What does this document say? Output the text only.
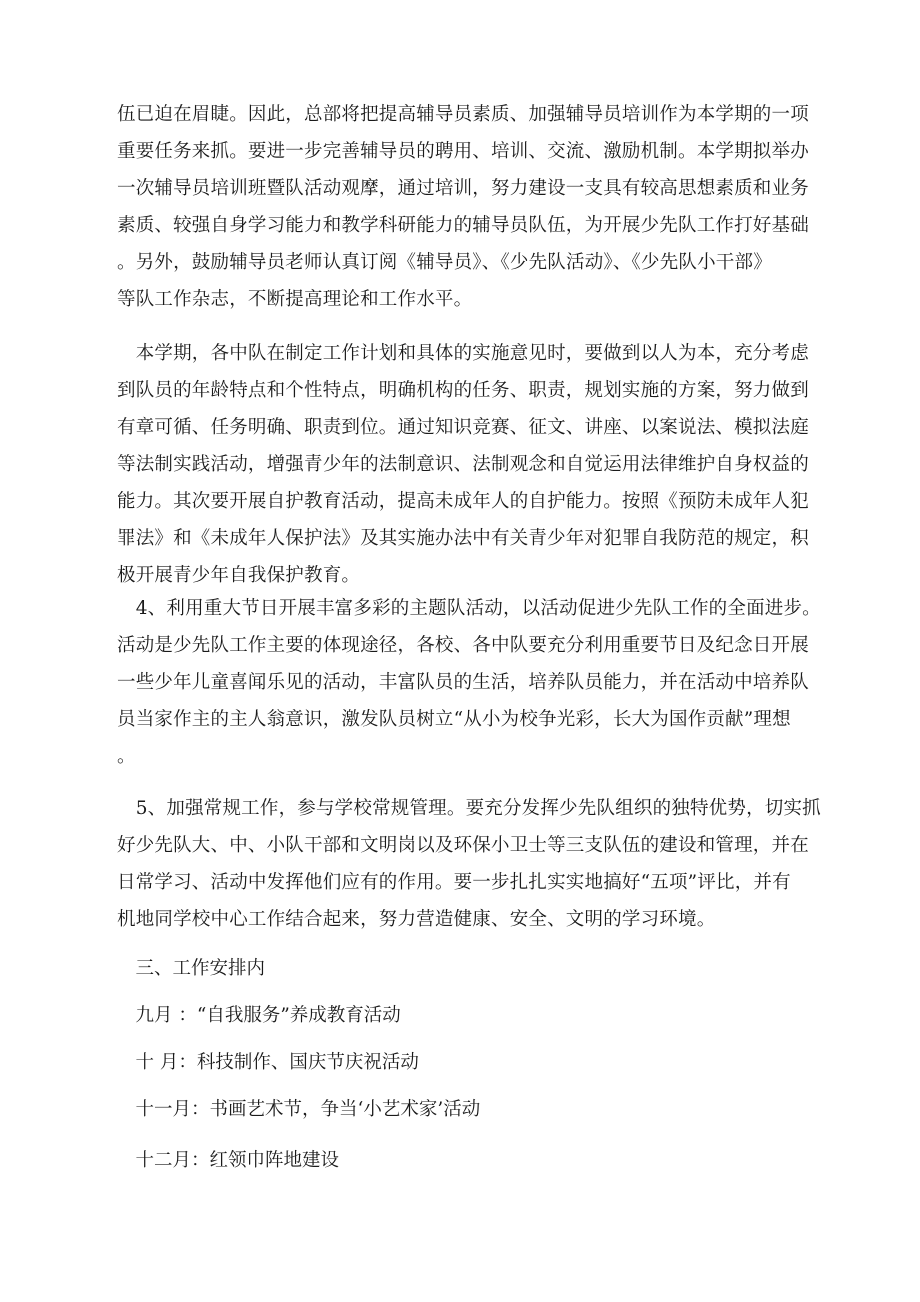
伍已迫在眉睫。因此，总部将把提高辅导员素质、加强辅导员培训作为本学期的一项
重要任务来抓。要进一步完善辅导员的聘用、培训、交流、激励机制。本学期拟举办
一次辅导员培训班暨队活动观摩，通过培训，努力建设一支具有较高思想素质和业务
素质、较强自身学习能力和教学科研能力的辅导员队伍，为开展少先队工作打好基础
。另外，鼓励辅导员老师认真订阅《辅导员》、《少先队活动》、《少先队小干部》
等队工作杂志，不断提高理论和工作水平。
　本学期，各中队在制定工作计划和具体的实施意见时，要做到以人为本，充分考虑
到队员的年龄特点和个性特点，明确机构的任务、职责，规划实施的方案，努力做到
有章可循、任务明确、职责到位。通过知识竞赛、征文、讲座、以案说法、模拟法庭
等法制实践活动，增强青少年的法制意识、法制观念和自觉运用法律维护自身权益的
能力。其次要开展自护教育活动，提高未成年人的自护能力。按照《预防未成年人犯
罪法》和《未成年人保护法》及其实施办法中有关青少年对犯罪自我防范的规定，积
极开展青少年自我保护教育。
　4、利用重大节日开展丰富多彩的主题队活动，以活动促进少先队工作的全面进步。
活动是少先队工作主要的体现途径，各校、各中队要充分利用重要节日及纪念日开展
一些少年儿童喜闻乐见的活动，丰富队员的生活，培养队员能力，并在活动中培养队
员当家作主的主人翁意识，激发队员树立“从小为校争光彩，长大为国作贡献”理想
。
　5、加强常规工作，参与学校常规管理。要充分发挥少先队组织的独特优势，切实抓
好少先队大、中、小队干部和文明岗以及环保小卫士等三支队伍的建设和管理，并在
日常学习、活动中发挥他们应有的作用。要一步扎扎实实地搞好“五项”评比，并有
机地同学校中心工作结合起来，努力营造健康、安全、文明的学习环境。
　三、工作安排内
　九月 ：“自我服务”养成教育活动
　十 月：科技制作、国庆节庆祝活动
　十一月：书画艺术节，争当‘小艺术家’活动
　十二月：红领巾阵地建设
